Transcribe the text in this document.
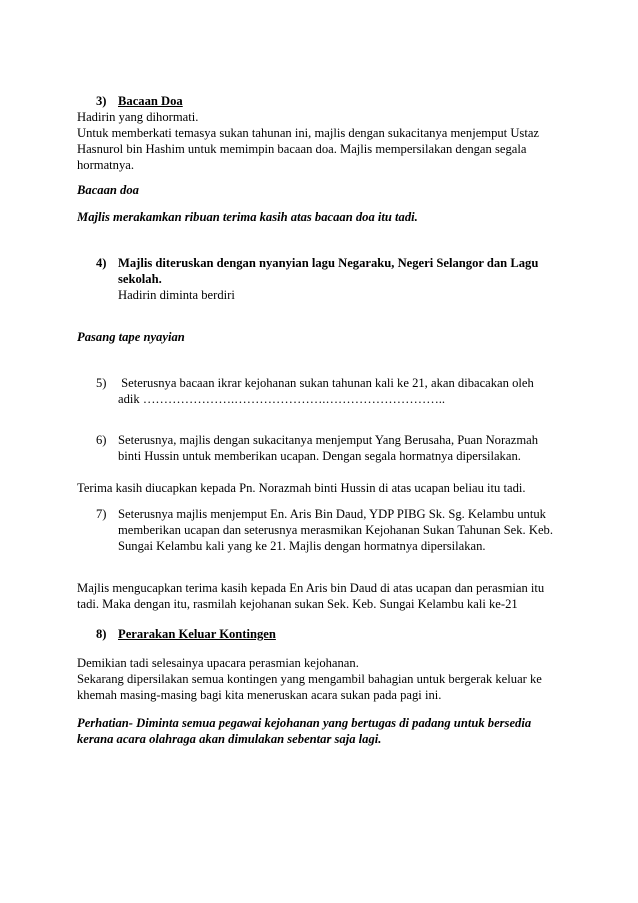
3) Bacaan Doa
Hadirin yang dihormati.
Untuk memberkati temasya sukan tahunan ini, majlis dengan sukacitanya menjemput Ustaz
Hasnurol bin Hashim untuk memimpin bacaan doa. Majlis mempersilakan dengan segala
hormatnya.
Bacaan doa
Majlis merakamkan ribuan terima kasih atas bacaan doa itu tadi.
4) Majlis diteruskan dengan nyanyian lagu Negaraku, Negeri Selangor dan Lagu
sekolah.
Hadirin diminta berdiri
Pasang tape nyayian
5) Seterusnya bacaan ikrar kejohanan sukan tahunan kali ke 21, akan dibacakan oleh
adik ………………….………………….………………………..
6) Seterusnya, majlis dengan sukacitanya menjemput Yang Berusaha, Puan Norazmah
binti Hussin untuk memberikan ucapan. Dengan segala hormatnya dipersilakan.
Terima kasih diucapkan kepada Pn. Norazmah binti Hussin di atas ucapan beliau itu tadi.
7) Seterusnya majlis menjemput En. Aris Bin Daud, YDP PIBG Sk. Sg. Kelambu untuk
memberikan ucapan dan seterusnya merasmikan Kejohanan Sukan Tahunan Sek. Keb.
Sungai Kelambu kali yang ke 21. Majlis dengan hormatnya dipersilakan.
Majlis mengucapkan terima kasih kepada En Aris bin Daud di atas ucapan dan perasmian itu
tadi. Maka dengan itu, rasmilah kejohanan sukan Sek. Keb. Sungai Kelambu kali ke-21
8) Perarakan Keluar Kontingen
Demikian tadi selesainya upacara perasmian kejohanan.
Sekarang dipersilakan semua kontingen yang mengambil bahagian untuk bergerak keluar ke
khemah masing-masing bagi kita meneruskan acara sukan pada pagi ini.
Perhatian- Diminta semua pegawai kejohanan yang bertugas di padang untuk bersedia
kerana acara olahraga akan dimulakan sebentar saja lagi.
